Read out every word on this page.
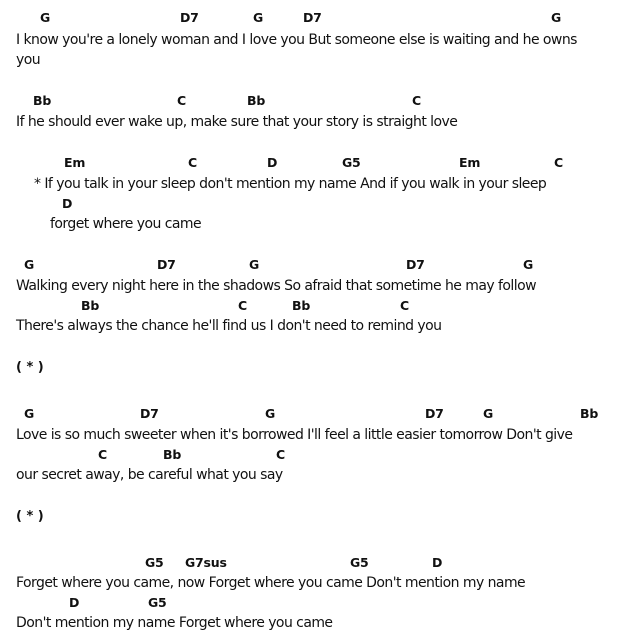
G	D7	G	D7	G
I know you're a lonely woman and I love you But someone else is waiting and he owns
you
Bb	C	Bb	C
If he should ever wake up, make sure that your story is straight love
Em	C	D	G5	Em	C
* If you talk in your sleep don't mention my name And if you walk in your sleep
D
forget where you came
G	D7	G	D7	G
Walking every night here in the shadows So afraid that sometime he may follow
Bb	C	Bb	C
There's always the chance he'll find us I don't need to remind you
( * )
G	D7	G	D7	G	Bb
Love is so much sweeter when it's borrowed I'll feel a little easier tomorrow Don't give
C	Bb	C
our secret away, be careful what you say
( * )
G5 G7sus	G5	D
Forget where you came, now Forget where you came Don't mention my name
D	G5
Don't mention my name Forget where you came
